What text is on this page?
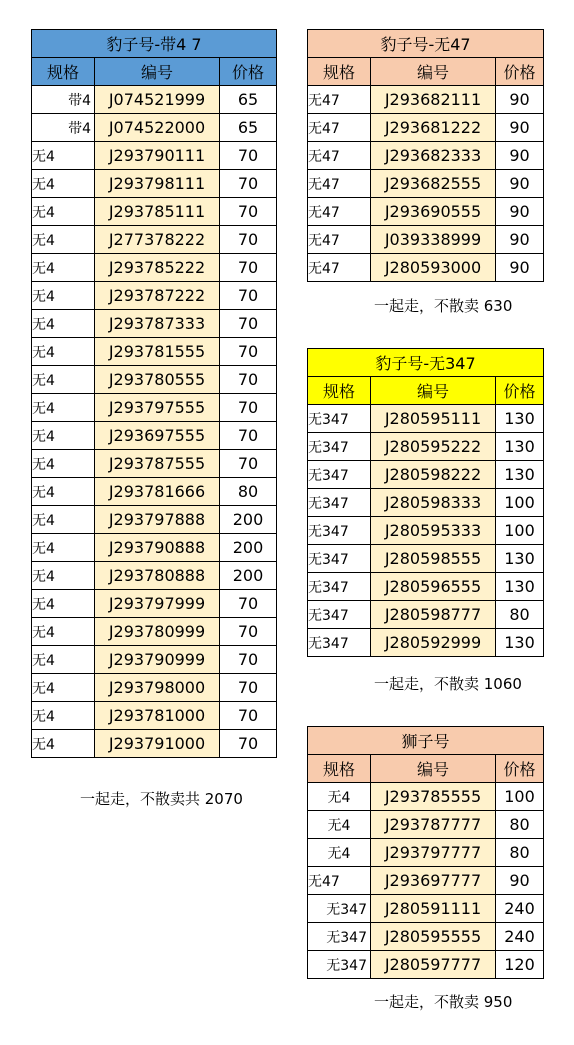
豹子号-带4 7		
规格	编号	价格
带4	J074521999	65
带4	J074522000	65
无4	J293790111	70
无4	J293798111	70
无4	J293785111	70
无4	J277378222	70
无4	J293785222	70
无4	J293787222	70
无4	J293787333	70
无4	J293781555	70
无4	J293780555	70
无4	J293797555	70
无4	J293697555	70
无4	J293787555	70
无4	J293781666	80
无4	J293797888	200
无4	J293790888	200
无4	J293780888	200
无4	J293797999	70
无4	J293780999	70
无4	J293790999	70
无4	J293798000	70
无4	J293781000	70
无4	J293791000	70
一起走，不散卖共 2070
豹子号-无47		
规格	编号	价格
无47	J293682111	90
无47	J293681222	90
无47	J293682333	90
无47	J293682555	90
无47	J293690555	90
无47	J039338999	90
无47	J280593000	90
一起走，不散卖 630
豹子号-无347		
规格	编号	价格
无347	J280595111	130
无347	J280595222	130
无347	J280598222	130
无347	J280598333	100
无347	J280595333	100
无347	J280598555	130
无347	J280596555	130
无347	J280598777	80
无347	J280592999	130
一起走，不散卖 1060
狮子号		
规格	编号	价格
无4	J293785555	100
无4	J293787777	80
无4	J293797777	80
无47	J293697777	90
无347	J280591111	240
无347	J280595555	240
无347	J280597777	120
一起走，不散卖 950
